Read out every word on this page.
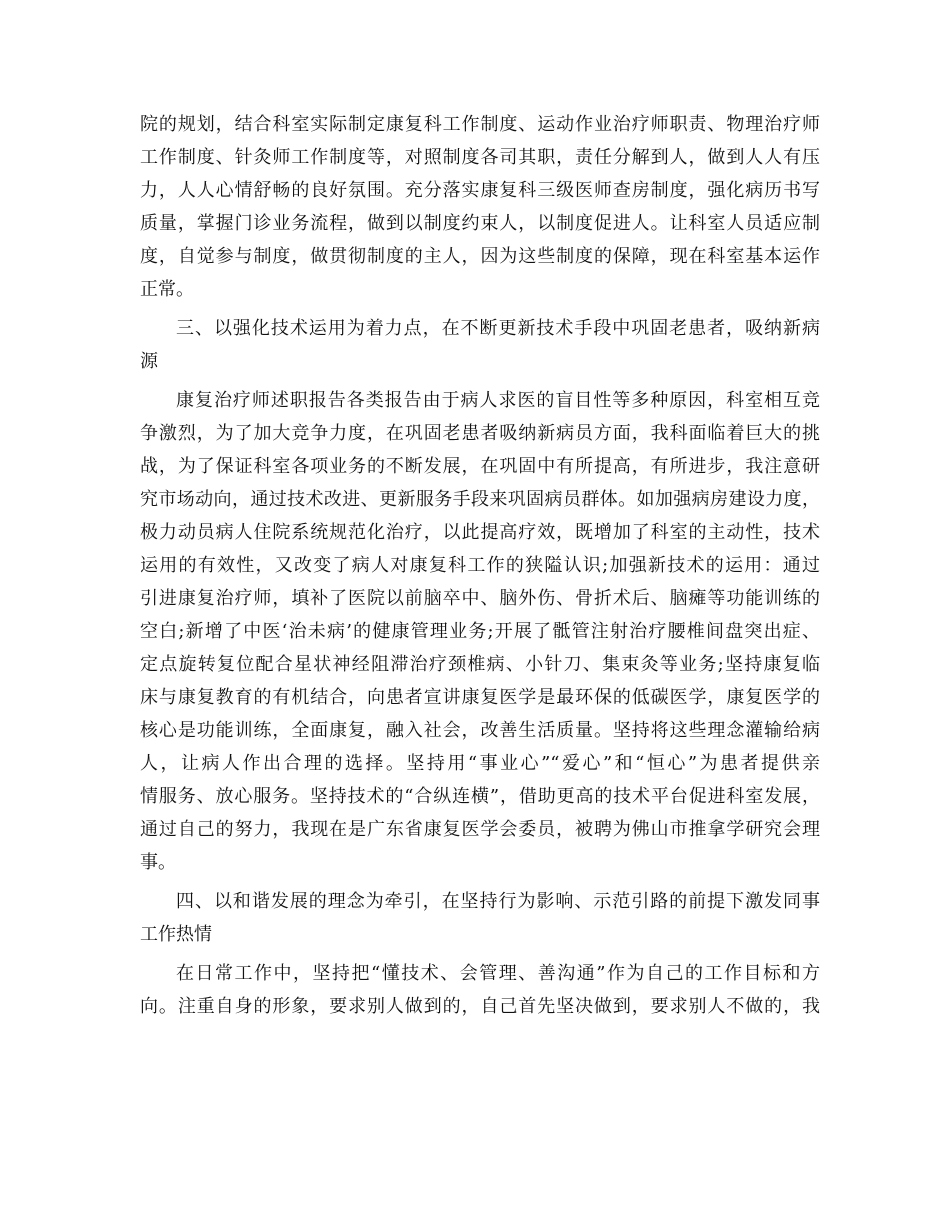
院的规划，结合科室实际制定康复科工作制度、运动作业治疗师职责、物理治疗师
工作制度、针灸师工作制度等，对照制度各司其职，责任分解到人，做到人人有压
力，人人心情舒畅的良好氛围。充分落实康复科三级医师查房制度，强化病历书写
质量，掌握门诊业务流程，做到以制度约束人，以制度促进人。让科室人员适应制
度，自觉参与制度，做贯彻制度的主人，因为这些制度的保障，现在科室基本运作
正常。
三、以强化技术运用为着力点，在不断更新技术手段中巩固老患者，吸纳新病
源
康复治疗师述职报告各类报告由于病人求医的盲目性等多种原因，科室相互竞
争激烈，为了加大竞争力度，在巩固老患者吸纳新病员方面，我科面临着巨大的挑
战，为了保证科室各项业务的不断发展，在巩固中有所提高，有所进步，我注意研
究市场动向，通过技术改进、更新服务手段来巩固病员群体。如加强病房建设力度，
极力动员病人住院系统规范化治疗，以此提高疗效，既增加了科室的主动性，技术
运用的有效性，又改变了病人对康复科工作的狭隘认识;加强新技术的运用：通过
引进康复治疗师，填补了医院以前脑卒中、脑外伤、骨折术后、脑瘫等功能训练的
空白;新增了中医‘治未病’的健康管理业务;开展了骶管注射治疗腰椎间盘突出症、
定点旋转复位配合星状神经阻滞治疗颈椎病、小针刀、集束灸等业务;坚持康复临
床与康复教育的有机结合，向患者宣讲康复医学是最环保的低碳医学，康复医学的
核心是功能训练，全面康复，融入社会，改善生活质量。坚持将这些理念灌输给病
人，让病人作出合理的选择。坚持用“事业心”“爱心”和“恒心”为患者提供亲
情服务、放心服务。坚持技术的“合纵连横”，借助更高的技术平台促进科室发展，
通过自己的努力，我现在是广东省康复医学会委员，被聘为佛山市推拿学研究会理
事。
四、以和谐发展的理念为牵引，在坚持行为影响、示范引路的前提下激发同事
工作热情
在日常工作中，坚持把“懂技术、会管理、善沟通”作为自己的工作目标和方
向。注重自身的形象，要求别人做到的，自己首先坚决做到，要求别人不做的，我
